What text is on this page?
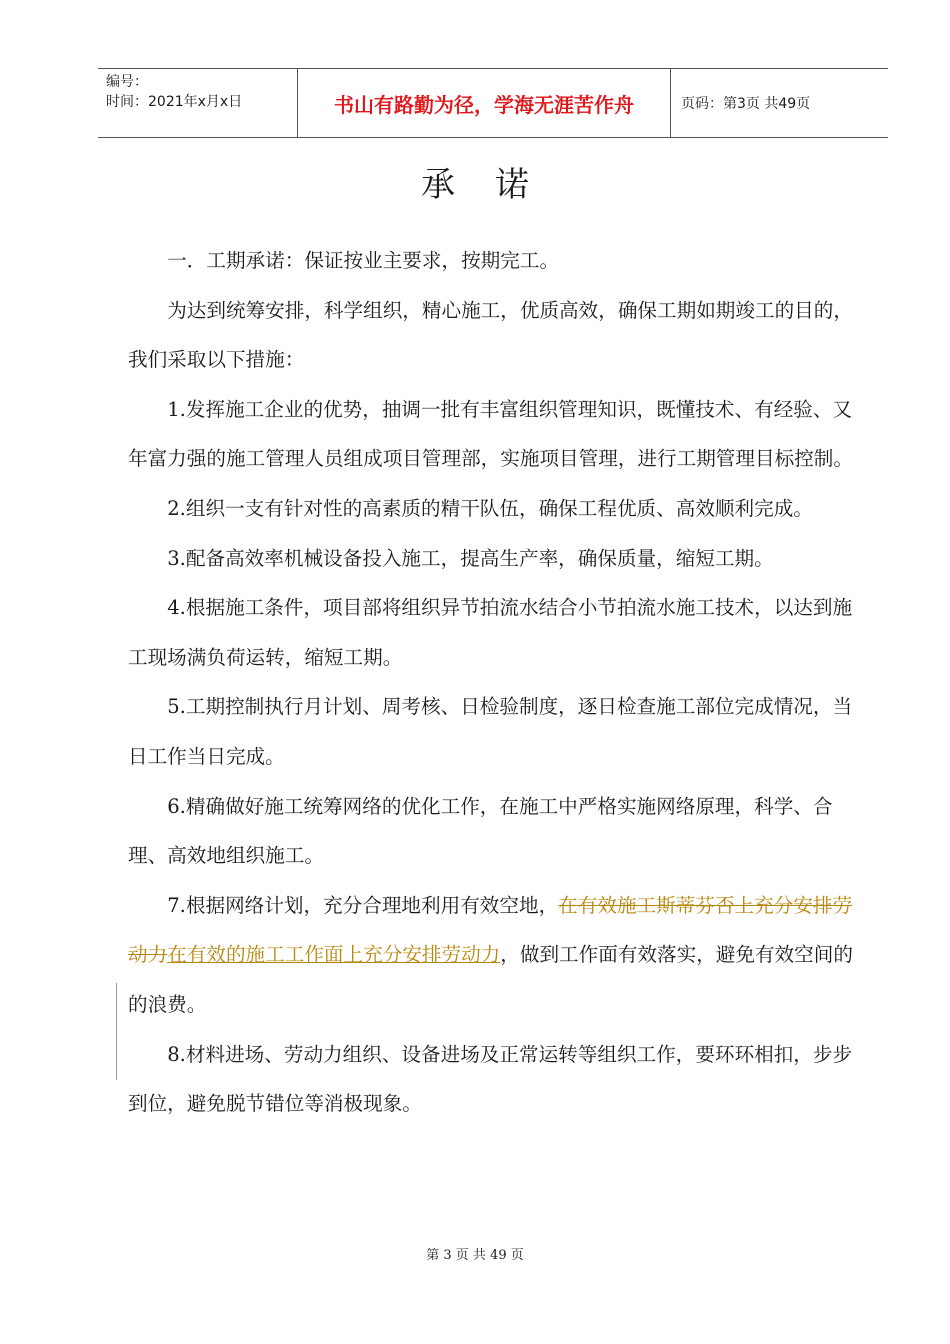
编号：
时间：2021年x月x日	书山有路勤为径，学海无涯苦作舟	页码：第3页 共49页
承诺

一．工期承诺：保证按业主要求，按期完工。

为达到统筹安排，科学组织，精心施工，优质高效，确保工期如期竣工的目的，我们采取以下措施：

1.发挥施工企业的优势，抽调一批有丰富组织管理知识，既懂技术、有经验、又年富力强的施工管理人员组成项目管理部，实施项目管理，进行工期管理目标控制。

2.组织一支有针对性的高素质的精干队伍，确保工程优质、高效顺利完成。

3.配备高效率机械设备投入施工，提高生产率，确保质量，缩短工期。

4.根据施工条件，项目部将组织异节拍流水结合小节拍流水施工技术，以达到施工现场满负荷运转，缩短工期。

5.工期控制执行月计划、周考核、日检验制度，逐日检查施工部位完成情况，当日工作当日完成。

6.精确做好施工统筹网络的优化工作，在施工中严格实施网络原理，科学、合理、高效地组织施工。

7.根据网络计划，充分合理地利用有效空地，在有效施工斯蒂芬否上充分安排劳动力在有效的施工工作面上充分安排劳动力，做到工作面有效落实，避免有效空间的的浪费。

8.材料进场、劳动力组织、设备进场及正常运转等组织工作，要环环相扣，步步到位，避免脱节错位等消极现象。

第 3 页 共 49 页
